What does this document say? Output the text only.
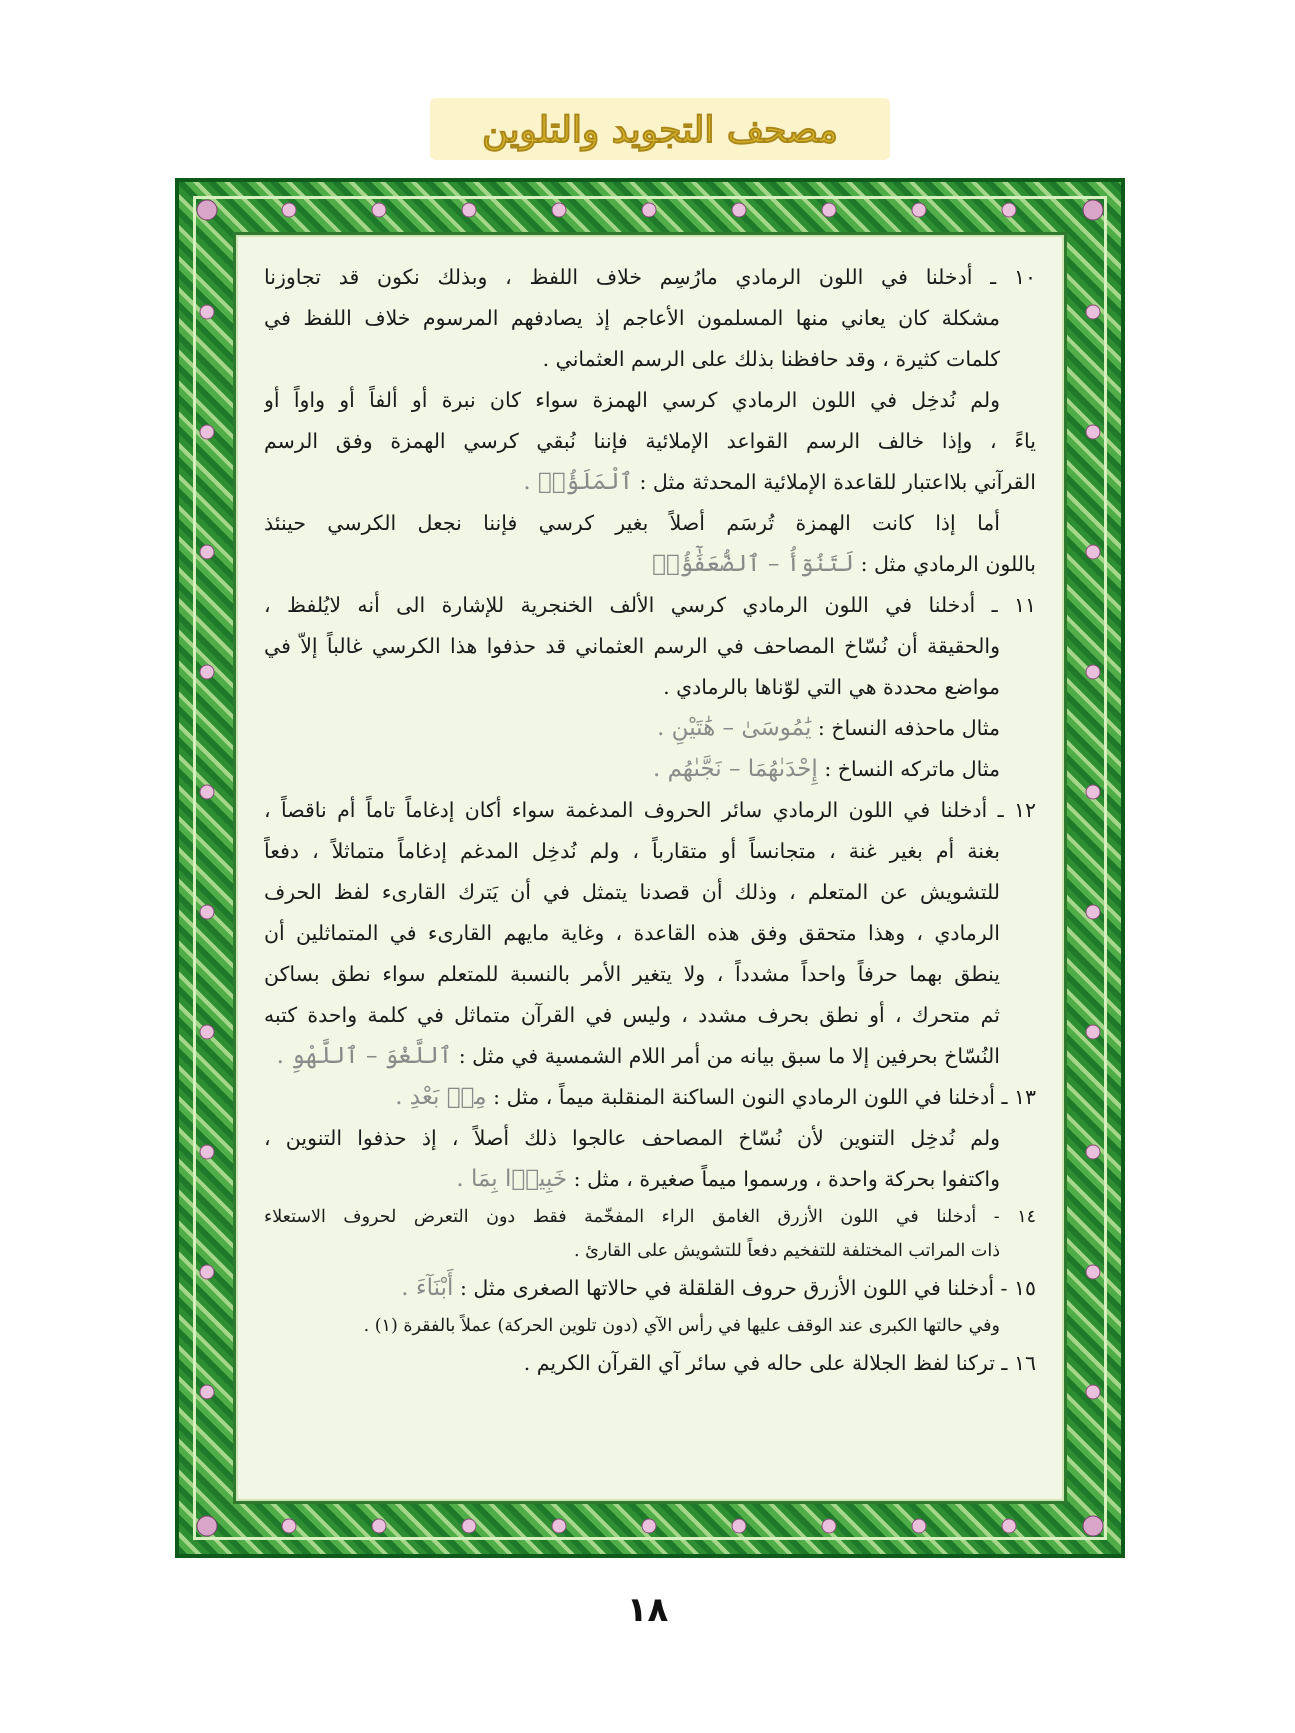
مصحف التجويد والتلوين
١٠ ـ أدخلنا في اللون الرمادي مارُسِم خلاف اللفظ ، وبذلك نكون قد تجاوزنا
مشكلة كان يعاني منها المسلمون الأعاجم إذ يصادفهم المرسوم خلاف اللفظ في
كلمات كثيرة ، وقد حافظنا بذلك على الرسم العثماني .
ولم نُدخِل في اللون الرمادي كرسي الهمزة سواء كان نبرة أو ألفاً أو واواً أو
ياءً ، وإذا خالف الرسم القواعد الإملائية فإننا نُبقي كرسي الهمزة وفق الرسم
القرآني بلااعتبار للقاعدة الإملائية المحدثة مثل : ٱلْمَلَؤُا۟ .
أما إذا كانت الهمزة تُرسَم أصلاً بغير كرسي فإننا نجعل الكرسي حينئذ
باللون الرمادي مثل : لَتَنُوٓأُ – ٱلضُّعَفَٰٓؤُا۟
١١ ـ أدخلنا في اللون الرمادي كرسي الألف الخنجرية للإشارة الى أنه لايُلفظ ،
والحقيقة أن نُسّاخ المصاحف في الرسم العثماني قد حذفوا هذا الكرسي غالباً إلاّ في
مواضع محددة هي التي لوّناها بالرمادي .
مثال ماحذفه النساخ : يَٰمُوسَىٰ – هَٰتَيْنِ .
مثال ماتركه النساخ : إِحْدَىٰهُمَا – نَجَّىٰهُم .
١٢ ـ أدخلنا في اللون الرمادي سائر الحروف المدغمة سواء أكان إدغاماً تاماً أم ناقصاً ،
بغنة أم بغير غنة ، متجانساً أو متقارباً ، ولم نُدخِل المدغم إدغاماً متماثلاً ، دفعاً
للتشويش عن المتعلم ، وذلك أن قصدنا يتمثل في أن يَترك القارىء لفظ الحرف
الرمادي ، وهذا متحقق وفق هذه القاعدة ، وغاية مايهم القارىء في المتماثلين أن
ينطق بهما حرفاً واحداً مشدداً ، ولا يتغير الأمر بالنسبة للمتعلم سواء نطق بساكن
ثم متحرك ، أو نطق بحرف مشدد ، وليس في القرآن متماثل في كلمة واحدة كتبه
النُسّاخ بحرفين إلا ما سبق بيانه من أمر اللام الشمسية في مثل : ٱللَّغْوَ – ٱللَّهْوِ .
١٣ ـ أدخلنا في اللون الرمادي النون الساكنة المنقلبة ميماً ، مثل : مِنۢ بَعْدِ .
ولم نُدخِل التنوين لأن نُسّاخ المصاحف عالجوا ذلك أصلاً ، إذ حذفوا التنوين ،
واكتفوا بحركة واحدة ، ورسموا ميماً صغيرة ، مثل : خَبِيرۢا بِمَا .
١٤ - أدخلنا في اللون الأزرق الغامق الراء المفخّمة فقط دون التعرض لحروف الاستعلاء
ذات المراتب المختلفة للتفخيم دفعاً للتشويش على القارئ .
١٥ - أدخلنا في اللون الأزرق حروف القلقلة في حالاتها الصغرى مثل : أَبْنَآءَ .
وفي حالتها الكبرى عند الوقف عليها في رأس الآي (دون تلوين الحركة) عملاً بالفقرة (١) .
١٦ ـ تركنا لفظ الجلالة على حاله في سائر آي القرآن الكريم .
١٨
